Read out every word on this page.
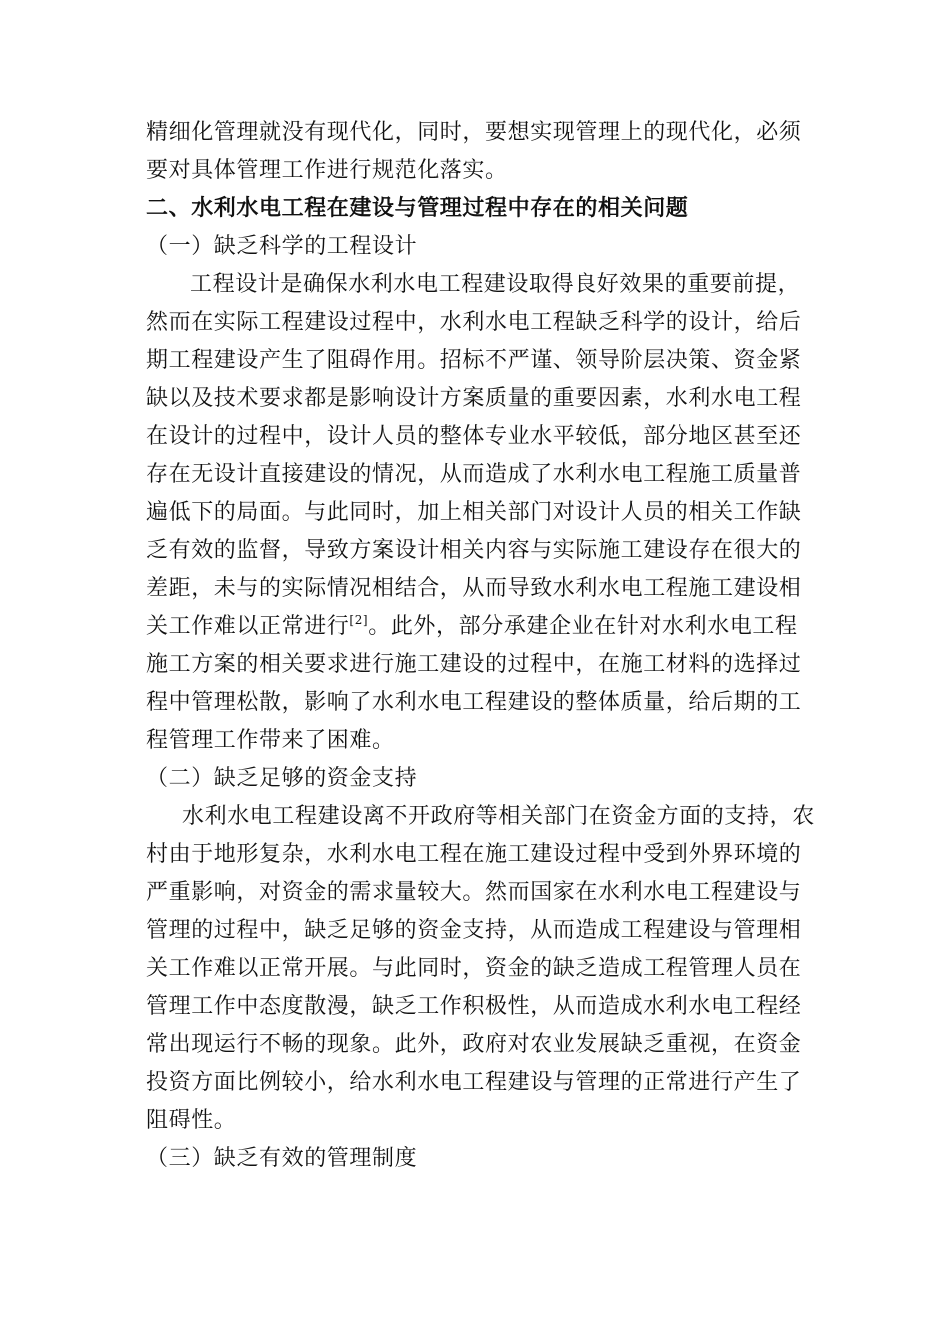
精细化管理就没有现代化，同时，要想实现管理上的现代化，必须
要对具体管理工作进行规范化落实。
二、水利水电工程在建设与管理过程中存在的相关问题
（一）缺乏科学的工程设计
工程设计是确保水利水电工程建设取得良好效果的重要前提，
然而在实际工程建设过程中，水利水电工程缺乏科学的设计，给后
期工程建设产生了阻碍作用。招标不严谨、领导阶层决策、资金紧
缺以及技术要求都是影响设计方案质量的重要因素，水利水电工程
在设计的过程中，设计人员的整体专业水平较低，部分地区甚至还
存在无设计直接建设的情况，从而造成了水利水电工程施工质量普
遍低下的局面。与此同时，加上相关部门对设计人员的相关工作缺
乏有效的监督，导致方案设计相关内容与实际施工建设存在很大的
差距，未与的实际情况相结合，从而导致水利水电工程施工建设相
关工作难以正常进行[2]。此外，部分承建企业在针对水利水电工程
施工方案的相关要求进行施工建设的过程中，在施工材料的选择过
程中管理松散，影响了水利水电工程建设的整体质量，给后期的工
程管理工作带来了困难。
（二）缺乏足够的资金支持
水利水电工程建设离不开政府等相关部门在资金方面的支持，农
村由于地形复杂，水利水电工程在施工建设过程中受到外界环境的
严重影响，对资金的需求量较大。然而国家在水利水电工程建设与
管理的过程中，缺乏足够的资金支持，从而造成工程建设与管理相
关工作难以正常开展。与此同时，资金的缺乏造成工程管理人员在
管理工作中态度散漫，缺乏工作积极性，从而造成水利水电工程经
常出现运行不畅的现象。此外，政府对农业发展缺乏重视，在资金
投资方面比例较小，给水利水电工程建设与管理的正常进行产生了
阻碍性。
（三）缺乏有效的管理制度
